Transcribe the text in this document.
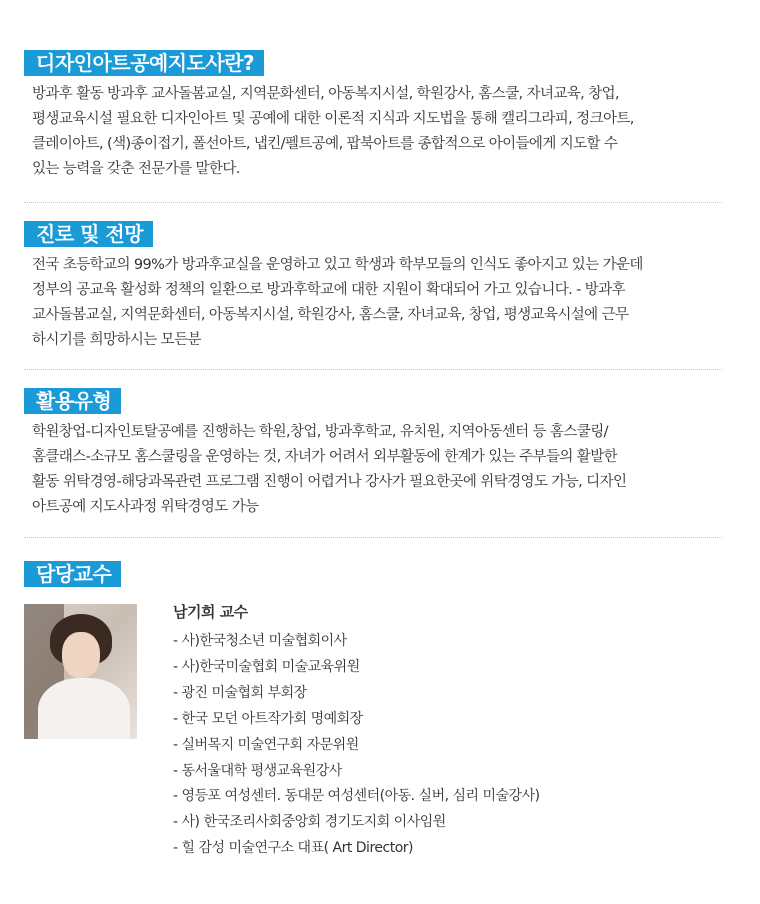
디자인아트공예지도사란?
방과후 활동 방과후 교사돌봄교실, 지역문화센터, 아동복지시설, 학원강사, 홈스쿨, 자녀교육, 창업,
평생교육시설 필요한 디자인아트 및 공예에 대한 이론적 지식과 지도법을 통해 캘리그라피, 정크아트,
클레이아트, (색)종이접기, 폴선아트, 냅킨/펠트공예, 팝북아트를 종합적으로 아이들에게 지도할 수
있는 능력을 갖춘 전문가를 말한다.
진로 및 전망
전국 초등학교의 99%가 방과후교실을 운영하고 있고 학생과 학부모들의 인식도 좋아지고 있는 가운데
정부의 공교육 활성화 정책의 일환으로 방과후학교에 대한 지원이 확대되어 가고 있습니다. - 방과후
교사돌봄교실, 지역문화센터, 아동복지시설, 학원강사, 홈스쿨, 자녀교육, 창업, 평생교육시설에 근무
하시기를 희망하시는 모든분
활용유형
학원창업-디자인토탈공예를 진행하는 학원,창업, 방과후학교, 유치원, 지역아동센터 등 홈스쿨링/
홈클래스-소규모 홈스쿨링을 운영하는 것, 자녀가 어려서 외부활동에 한계가 있는 주부들의 활발한
활동 위탁경영-해당과목관련 프로그램 진행이 어렵거나 강사가 필요한곳에 위탁경영도 가능, 디자인
아트공예 지도사과정 위탁경영도 가능
담당교수
남기희 교수
- 사)한국청소년 미술협회이사
- 사)한국미술협회 미술교육위원
- 광진 미술협회 부회장
- 한국 모던 아트작가회 명예회장
- 실버목지 미술연구회 자문위원
- 동서울대학 평생교육원강사
- 영등포 여성센터. 동대문 여성센터(아동. 실버, 심리 미술강사)
- 사) 한국조리사회중앙회 경기도지회 이사임원
- 힐 감성 미술연구소 대표( Art Director)
